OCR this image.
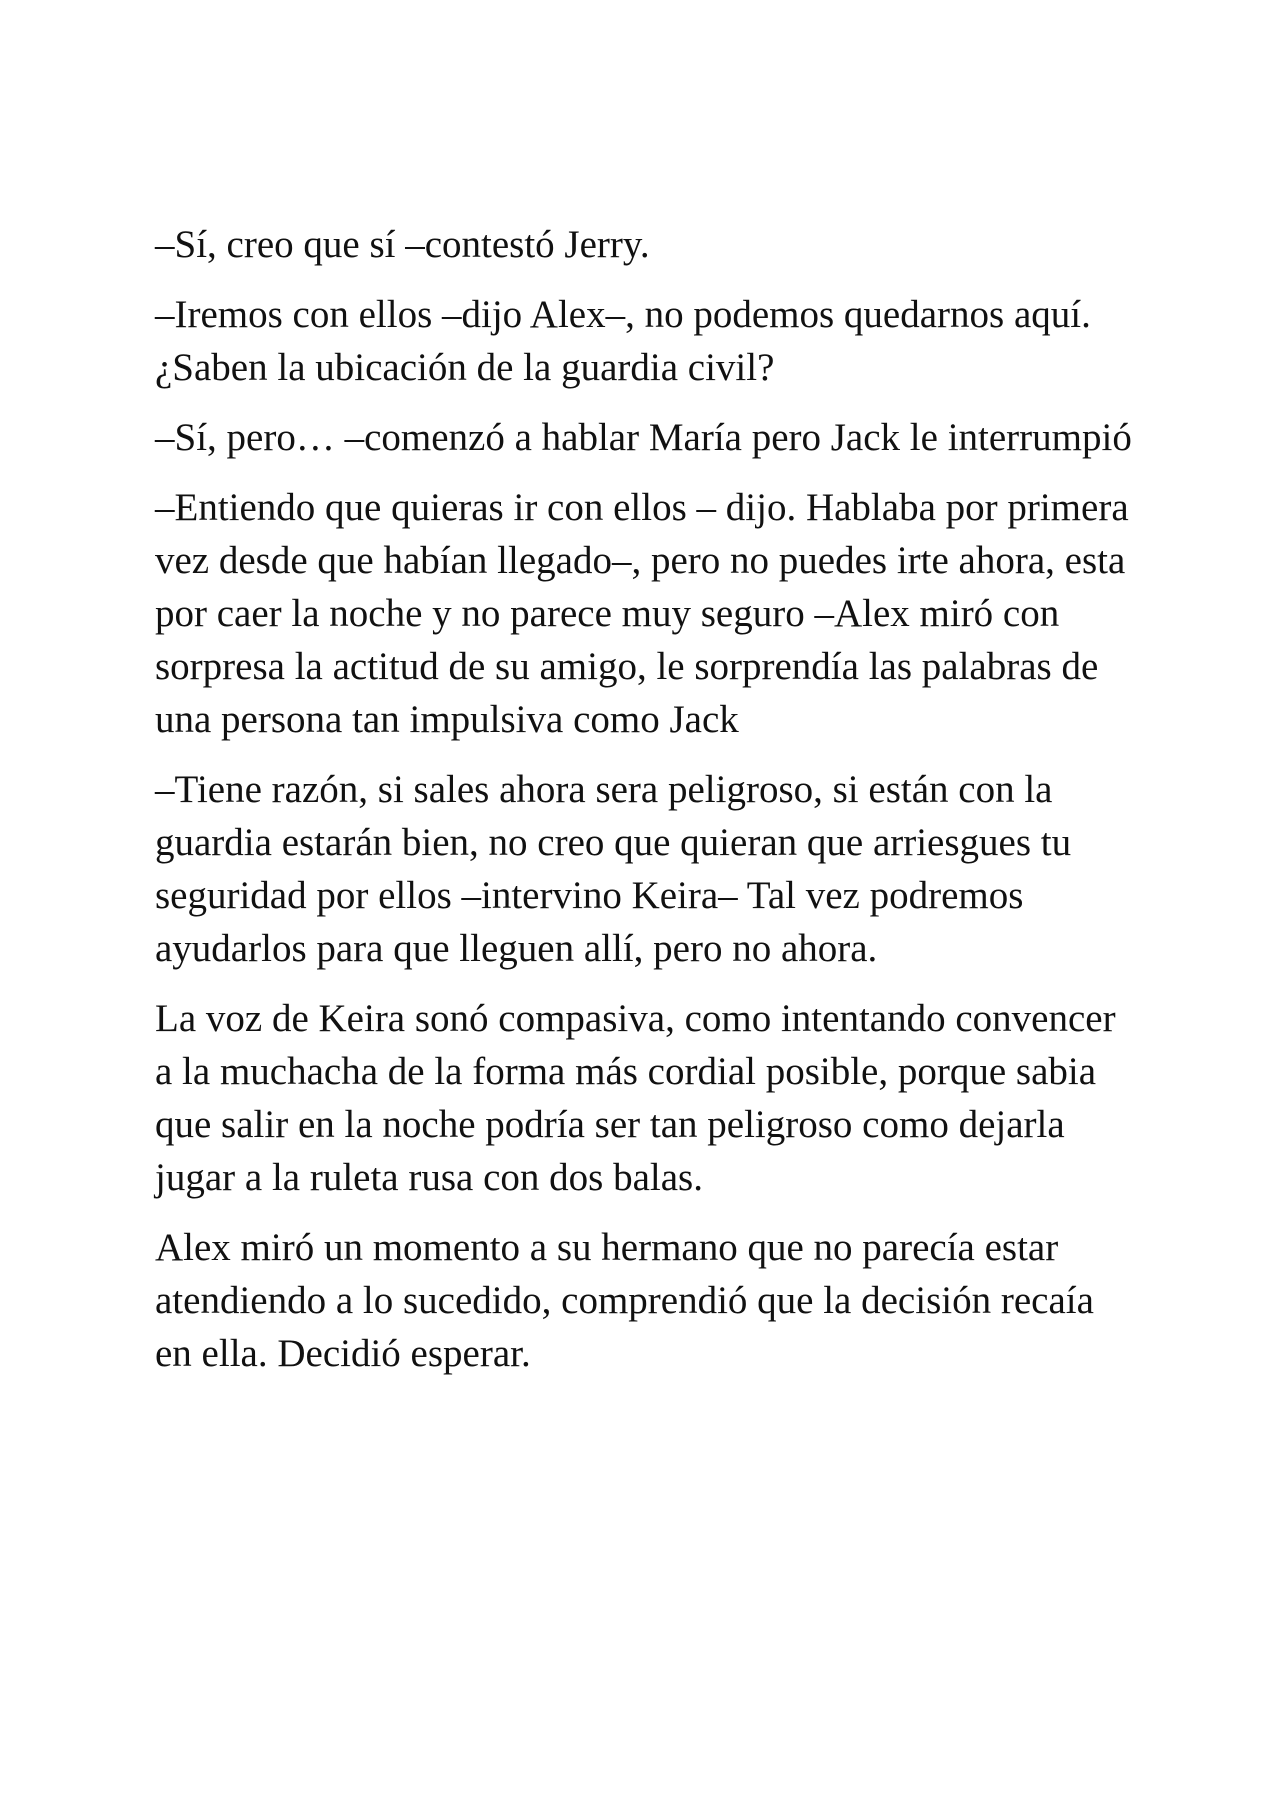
–Sí, creo que sí –contestó Jerry.

–Iremos con ellos –dijo Alex–, no podemos quedarnos aquí. ¿Saben la ubicación de la guardia civil?

–Sí, pero… –comenzó a hablar María pero Jack le interrumpió

–Entiendo que quieras ir con ellos – dijo. Hablaba por primera vez desde que habían llegado–, pero no puedes irte ahora, esta por caer la noche y no parece muy seguro –Alex miró con sorpresa la actitud de su amigo, le sorprendía las palabras de una persona tan impulsiva como Jack

–Tiene razón, si sales ahora sera peligroso, si están con la guardia estarán bien, no creo que quieran que arriesgues tu seguridad por ellos –intervino Keira– Tal vez podremos ayudarlos para que lleguen allí, pero no ahora.

La voz de Keira sonó compasiva, como intentando convencer a la muchacha de la forma más cordial posible, porque sabia que salir en la noche podría ser tan peligroso como dejarla jugar a la ruleta rusa con dos balas.

Alex miró un momento a su hermano que no parecía estar atendiendo a lo sucedido, comprendió que la decisión recaía en ella. Decidió esperar.
